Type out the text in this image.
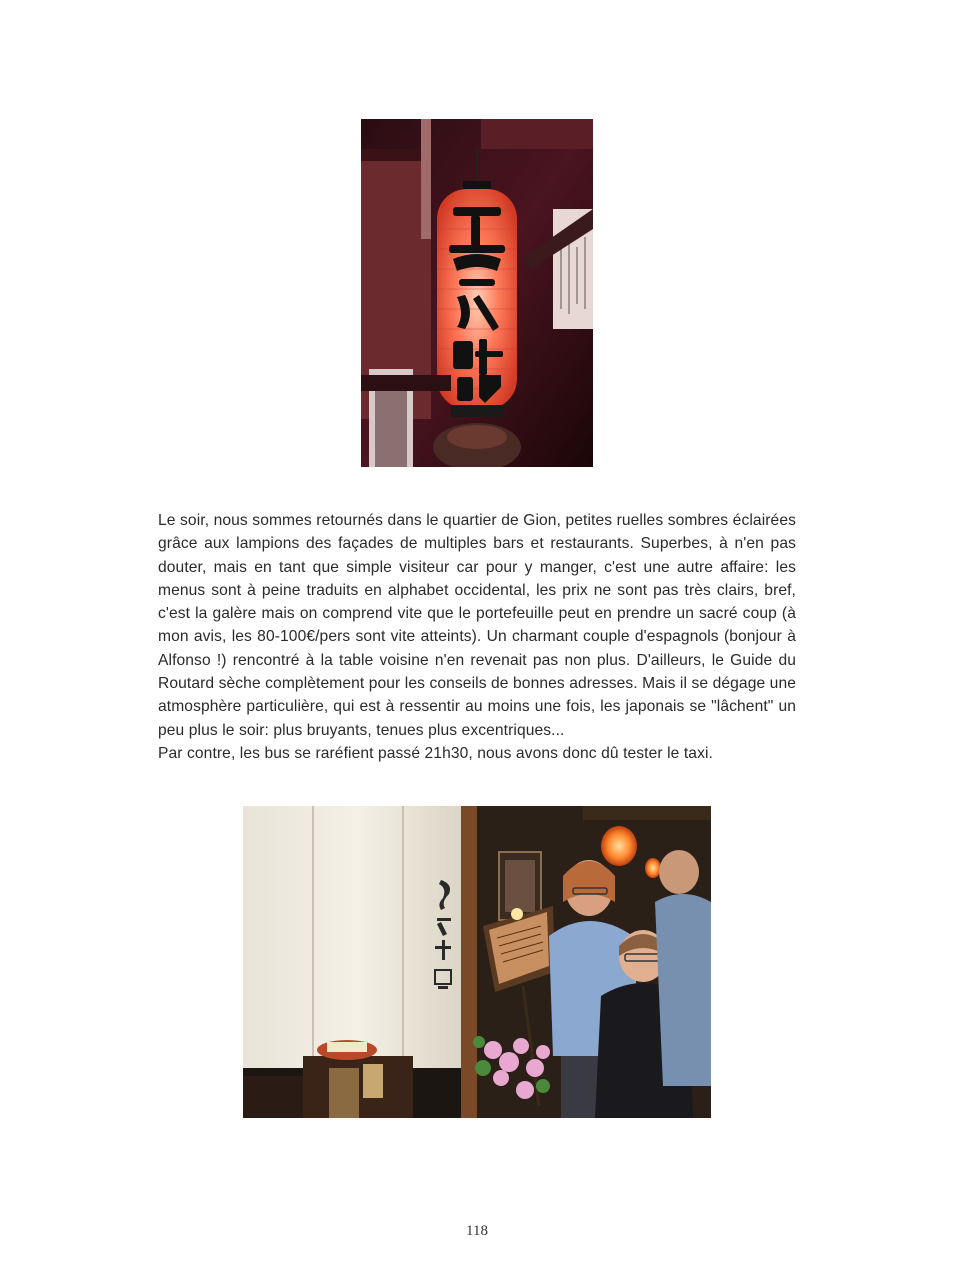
Le soir, nous sommes retournés dans le quartier de Gion, petites ruelles sombres éclairées grâce aux lampions des façades de multiples bars et restaurants. Superbes, à n'en pas douter, mais en tant que simple visiteur car pour y manger, c'est une autre affaire: les menus sont à peine traduits en alphabet occidental, les prix ne sont pas très clairs, bref, c'est la galère mais on comprend vite que le portefeuille peut en prendre un sacré coup (à mon avis, les 80-100€/pers sont vite atteints). Un charmant couple d'espagnols (bonjour à Alfonso !) rencontré à la table voisine n'en revenait pas non plus. D'ailleurs, le Guide du Routard sèche complètement pour les conseils de bonnes adresses. Mais il se dégage une atmosphère particulière, qui est à ressentir au moins une fois, les japonais se "lâchent" un peu plus le soir: plus bruyants, tenues plus excentriques...

Par contre, les bus se raréfient passé 21h30, nous avons donc dû tester le taxi.

118
